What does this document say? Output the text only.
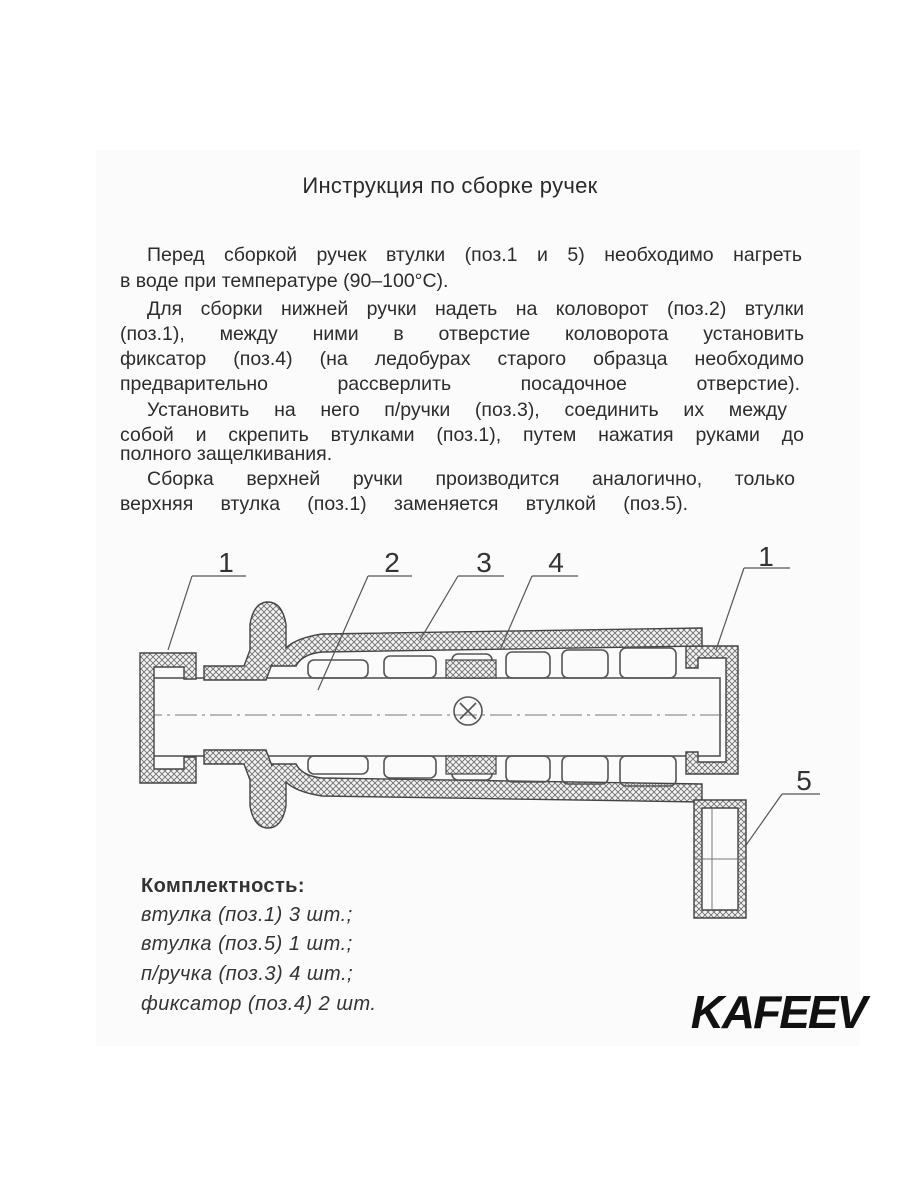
Инструкция по сборке ручек
Перед сборкой ручек втулки (поз.1 и 5) необходимо нагреть
в воде при температуре (90–100°С).
Для сборки нижней ручки надеть на коловорот (поз.2) втулки
(поз.1), между ними в отверстие коловорота установить
фиксатор (поз.4) (на ледобурах старого образца необходимо
предварительно рассверлить посадочное отверстие).
Установить на него п/ручки (поз.3), соединить их между
собой и скрепить втулками (поз.1), путем нажатия руками до
полного защелкивания.
Сборка верхней ручки производится аналогично, только
верхняя втулка (поз.1) заменяется втулкой (поз.5).
1	2	3 4	1
5
Комплектность:
втулка (поз.1) 3 шт.;
втулка (поз.5) 1 шт.;
п/ручка (поз.3) 4 шт.;
фиксатор (поз.4) 2 шт.	KAFEEV
